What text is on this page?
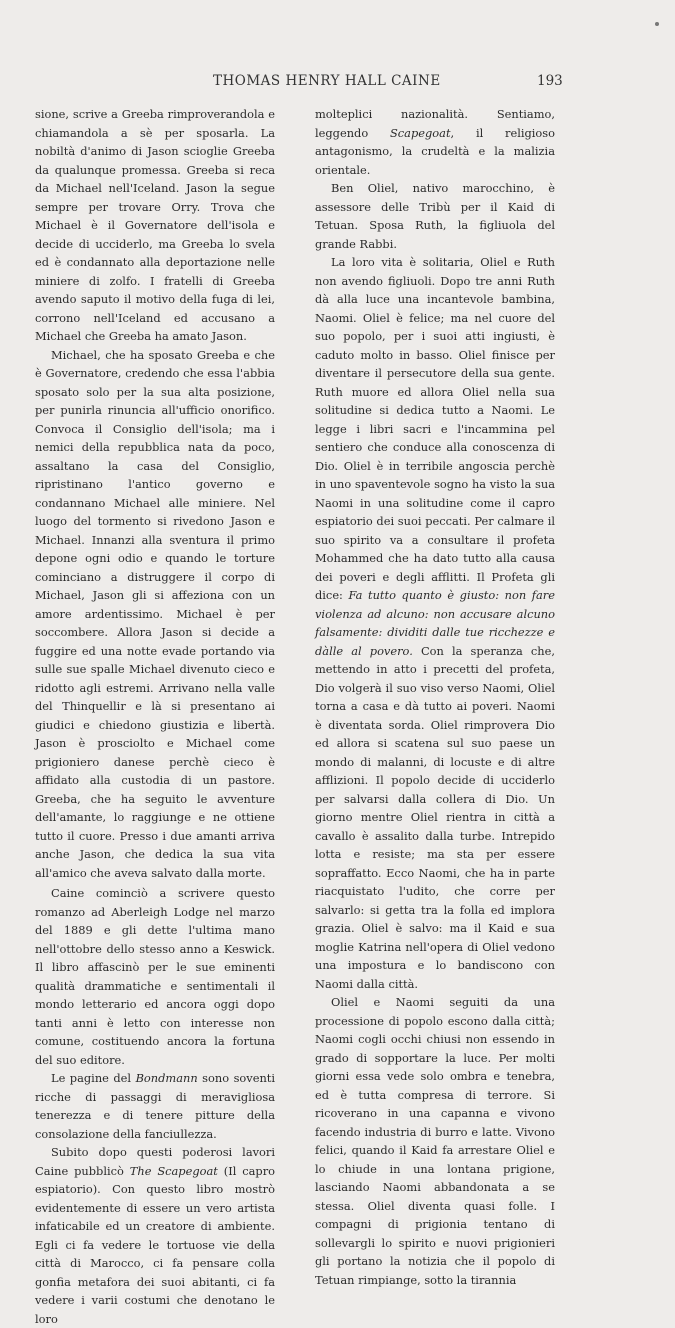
THOMAS HENRY HALL CAINE	193

sione, scrive a Greeba rimproverandola e chiamandola a sè per sposarla. La nobiltà d'animo di Jason scioglie Greeba da qualunque promessa. Greeba si reca da Michael nell'Iceland. Jason la segue sempre per trovare Orry. Trova che Michael è il Governatore dell'isola e decide di ucciderlo, ma Greeba lo svela ed è condannato alla deportazione nelle miniere di zolfo. I fratelli di Greeba avendo saputo il motivo della fuga di lei, corrono nell'Iceland ed accusano a Michael che Greeba ha amato Jason.

Michael, che ha sposato Greeba e che è Governatore, credendo che essa l'abbia sposato solo per la sua alta posizione, per punirla rinuncia all'ufficio onorifico. Convoca il Consiglio dell'isola; ma i nemici della repubblica nata da poco, assaltano la casa del Consiglio, ripristinano l'antico governo e condannano Michael alle miniere. Nel luogo del tormento si rivedono Jason e Michael. Innanzi alla sventura il primo depone ogni odio e quando le torture cominciano a distruggere il corpo di Michael, Jason gli si affeziona con un amore ardentissimo. Michael è per soccombere. Allora Jason si decide a fuggire ed una notte evade portando via sulle sue spalle Michael divenuto cieco e ridotto agli estremi. Arrivano nella valle del Thinquellir e là si presentano ai giudici e chiedono giustizia e libertà. Jason è prosciolto e Michael come prigioniero danese perchè cieco è affidato alla custodia di un pastore. Greeba, che ha seguito le avventure dell'amante, lo raggiunge e ne ottiene tutto il cuore. Presso i due amanti arriva anche Jason, che dedica la sua vita all'amico che aveva salvato dalla morte.

Caine cominciò a scrivere questo romanzo ad Aberleigh Lodge nel marzo del 1889 e gli dette l'ultima mano nell'ottobre dello stesso anno a Keswick. Il libro affascinò per le sue eminenti qualità drammatiche e sentimentali il mondo letterario ed ancora oggi dopo tanti anni è letto con interesse non comune, costituendo ancora la fortuna del suo editore.

Le pagine del Bondmann sono soventi ricche di passaggi di meravigliosa tenerezza e di tenere pitture della consolazione della fanciullezza.

Subito dopo questi poderosi lavori Caine pubblicò The Scapegoat (Il capro espiatorio). Con questo libro mostrò evidentemente di essere un vero artista infaticabile ed un creatore di ambiente. Egli ci fa vedere le tortuose vie della città di Marocco, ci fa pensare colla gonfia metafora dei suoi abitanti, ci fa vedere i varii costumi che denotano le loro

molteplici nazionalità. Sentiamo, leggendo Scapegoat, il religioso antagonismo, la crudeltà e la malizia orientale.

Ben Oliel, nativo marocchino, è assessore delle Tribù per il Kaid di Tetuan. Sposa Ruth, la figliuola del grande Rabbi.

La loro vita è solitaria, Oliel e Ruth non avendo figliuoli. Dopo tre anni Ruth dà alla luce una incantevole bambina, Naomi. Oliel è felice; ma nel cuore del suo popolo, per i suoi atti ingiusti, è caduto molto in basso. Oliel finisce per diventare il persecutore della sua gente. Ruth muore ed allora Oliel nella sua solitudine si dedica tutto a Naomi. Le legge i libri sacri e l'incammina pel sentiero che conduce alla conoscenza di Dio. Oliel è in terribile angoscia perchè in uno spaventevole sogno ha visto la sua Naomi in una solitudine come il capro espiatorio dei suoi peccati. Per calmare il suo spirito va a consultare il profeta Mohammed che ha dato tutto alla causa dei poveri e degli afflitti. Il Profeta gli dice: Fa tutto quanto è giusto: non fare violenza ad alcuno: non accusare alcuno falsamente: dividiti dalle tue ricchezze e dàlle al povero. Con la speranza che, mettendo in atto i precetti del profeta, Dio volgerà il suo viso verso Naomi, Oliel torna a casa e dà tutto ai poveri. Naomi è diventata sorda. Oliel rimprovera Dio ed allora si scatena sul suo paese un mondo di malanni, di locuste e di altre afflizioni. Il popolo decide di ucciderlo per salvarsi dalla collera di Dio. Un giorno mentre Oliel rientra in città a cavallo è assalito dalla turbe. Intrepido lotta e resiste; ma sta per essere sopraffatto. Ecco Naomi, che ha in parte riacquistato l'udito, che corre per salvarlo: si getta tra la folla ed implora grazia. Oliel è salvo: ma il Kaid e sua moglie Katrina nell'opera di Oliel vedono una impostura e lo bandiscono con Naomi dalla città.

Oliel e Naomi seguiti da una processione di popolo escono dalla città; Naomi cogli occhi chiusi non essendo in grado di sopportare la luce. Per molti giorni essa vede solo ombra e tenebra, ed è tutta compresa di terrore. Si ricoverano in una capanna e vivono facendo industria di burro e latte. Vivono felici, quando il Kaid fa arrestare Oliel e lo chiude in una lontana prigione, lasciando Naomi abbandonata a se stessa. Oliel diventa quasi folle. I compagni di prigionia tentano di sollevargli lo spirito e nuovi prigionieri gli portano la notizia che il popolo di Tetuan rimpiange, sotto la tirannia
